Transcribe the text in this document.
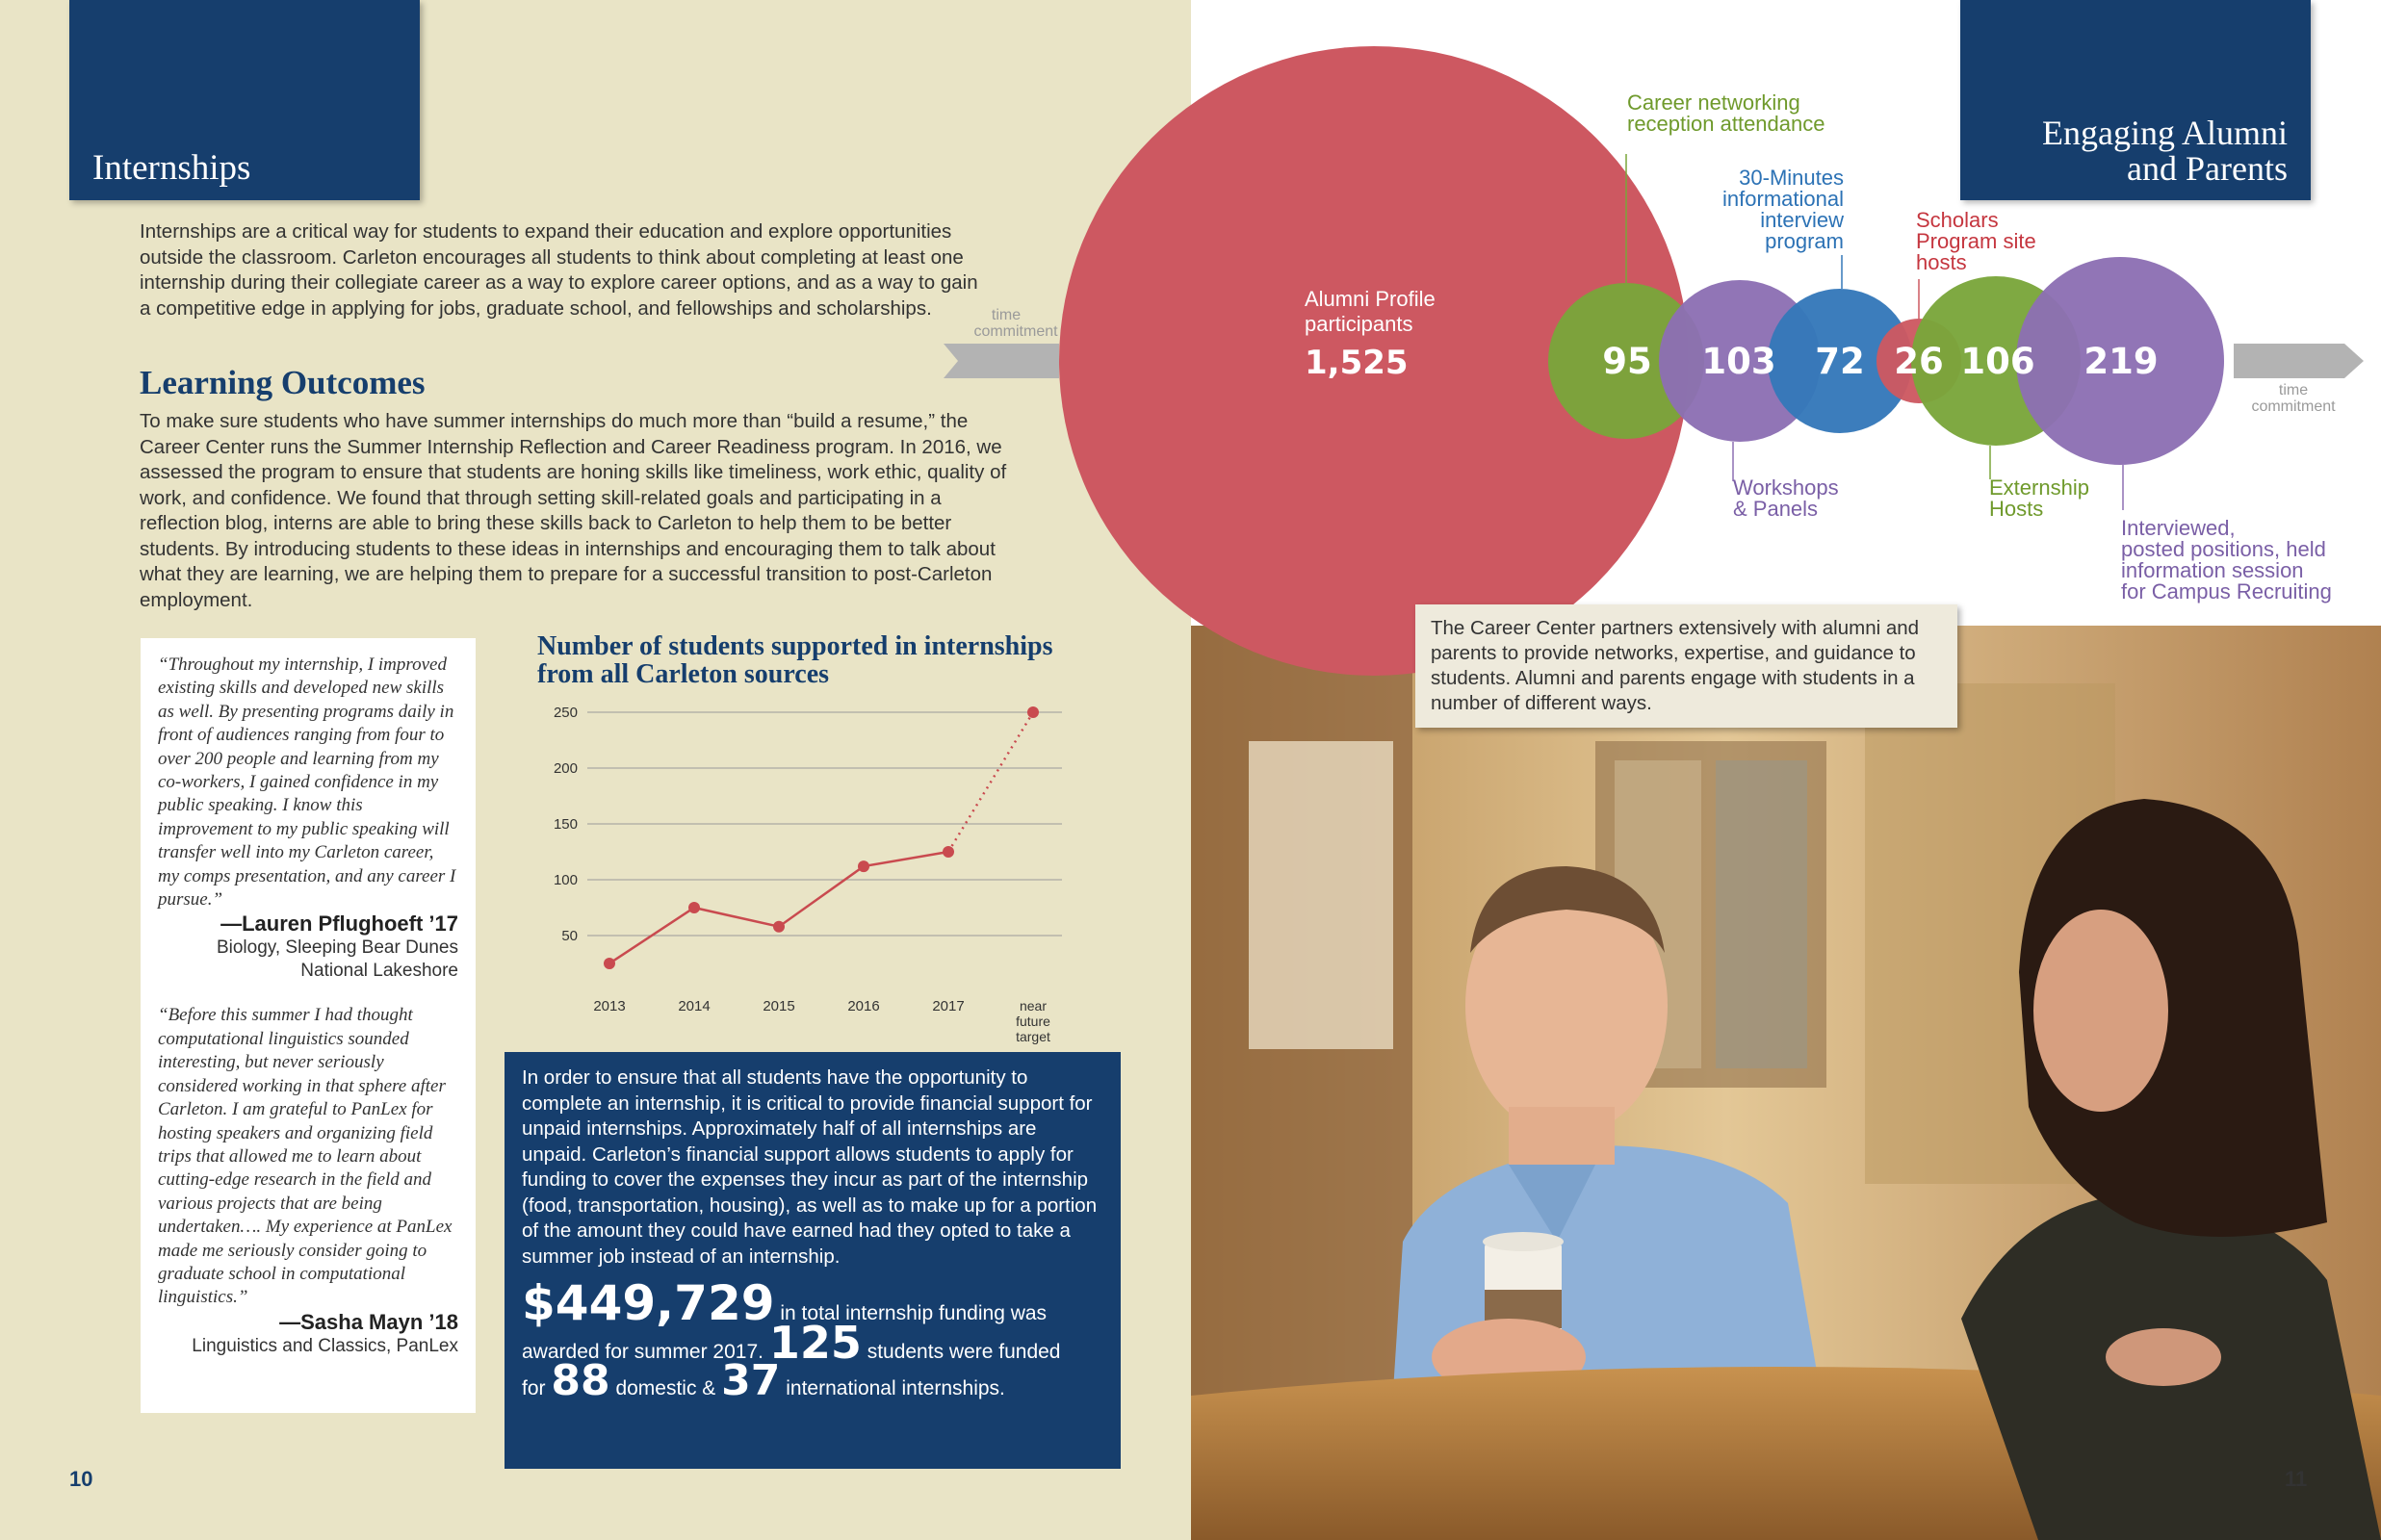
Internships

Internships are a critical way for students to expand their education and explore opportunities outside the classroom. Carleton encourages all students to think about completing at least one internship during their collegiate career as a way to explore career options, and as a way to gain a competitive edge in applying for jobs, graduate school, and fellowships and scholarships.

Learning Outcomes

To make sure students who have summer internships do much more than “build a resume,” the Career Center runs the Summer Internship Reflection and Career Readiness program. In 2016, we assessed the program to ensure that students are honing skills like timeliness, work ethic, quality of work, and confidence. We found that through setting skill-related goals and participating in a reflection blog, interns are able to bring these skills back to Carleton to help them to be better students. By introducing students to these ideas in internships and encouraging them to talk about what they are learning, we are helping them to prepare for a successful transition to post-Carleton employment.

“Throughout my internship, I improved existing skills and developed new skills as well. By presenting programs daily in front of audiences ranging from four to over 200 people and learning from my co-workers, I gained confidence in my public speaking. I know this improvement to my public speaking will transfer well into my Carleton career, my comps presentation, and any career I pursue.”

—Lauren Pflughoeft ’17
Biology, Sleeping Bear Dunes National Lakeshore

“Before this summer I had thought computational linguistics sounded interesting, but never seriously considered working in that sphere after Carleton. I am grateful to PanLex for hosting speakers and organizing field trips that allowed me to learn about cutting-edge research in the field and various projects that are being undertaken…. My experience at PanLex made me seriously consider going to graduate school in computational linguistics.”

—Sasha Mayn ’18
Linguistics and Classics, PanLex
Number of students supported in internships from all Carleton sources
50
100
150
200
250
2013	2014	2015	2016	2017	near
future
target

In order to ensure that all students have the opportunity to complete an internship, it is critical to provide financial support for unpaid internships. Approximately half of all internships are unpaid. Carleton’s financial support allows students to apply for funding to cover the expenses they incur as part of the internship (food, transportation, housing), as well as to make up for a portion of the amount they could have earned had they opted to take a summer job instead of an internship.

$449,729 in total internship funding was awarded for summer 2017. 125 students were funded
for 88 domestic & 37 international internships.
10
Engaging Alumni
and Parents
time
commitment
time
commitment
1,525
Alumni Profile
participants
95 103 72 26 106 219
Career networking
reception attendance
Workshops
& Panels
30-Minutes
informational
interview
program
Scholars
Program site
hosts
Externship
Hosts
Interviewed,
posted positions, held
information session
for Campus Recruiting
The Career Center partners extensively with alumni and parents to provide networks, expertise, and guidance to students. Alumni and parents engage with students in a number of different ways.
11
